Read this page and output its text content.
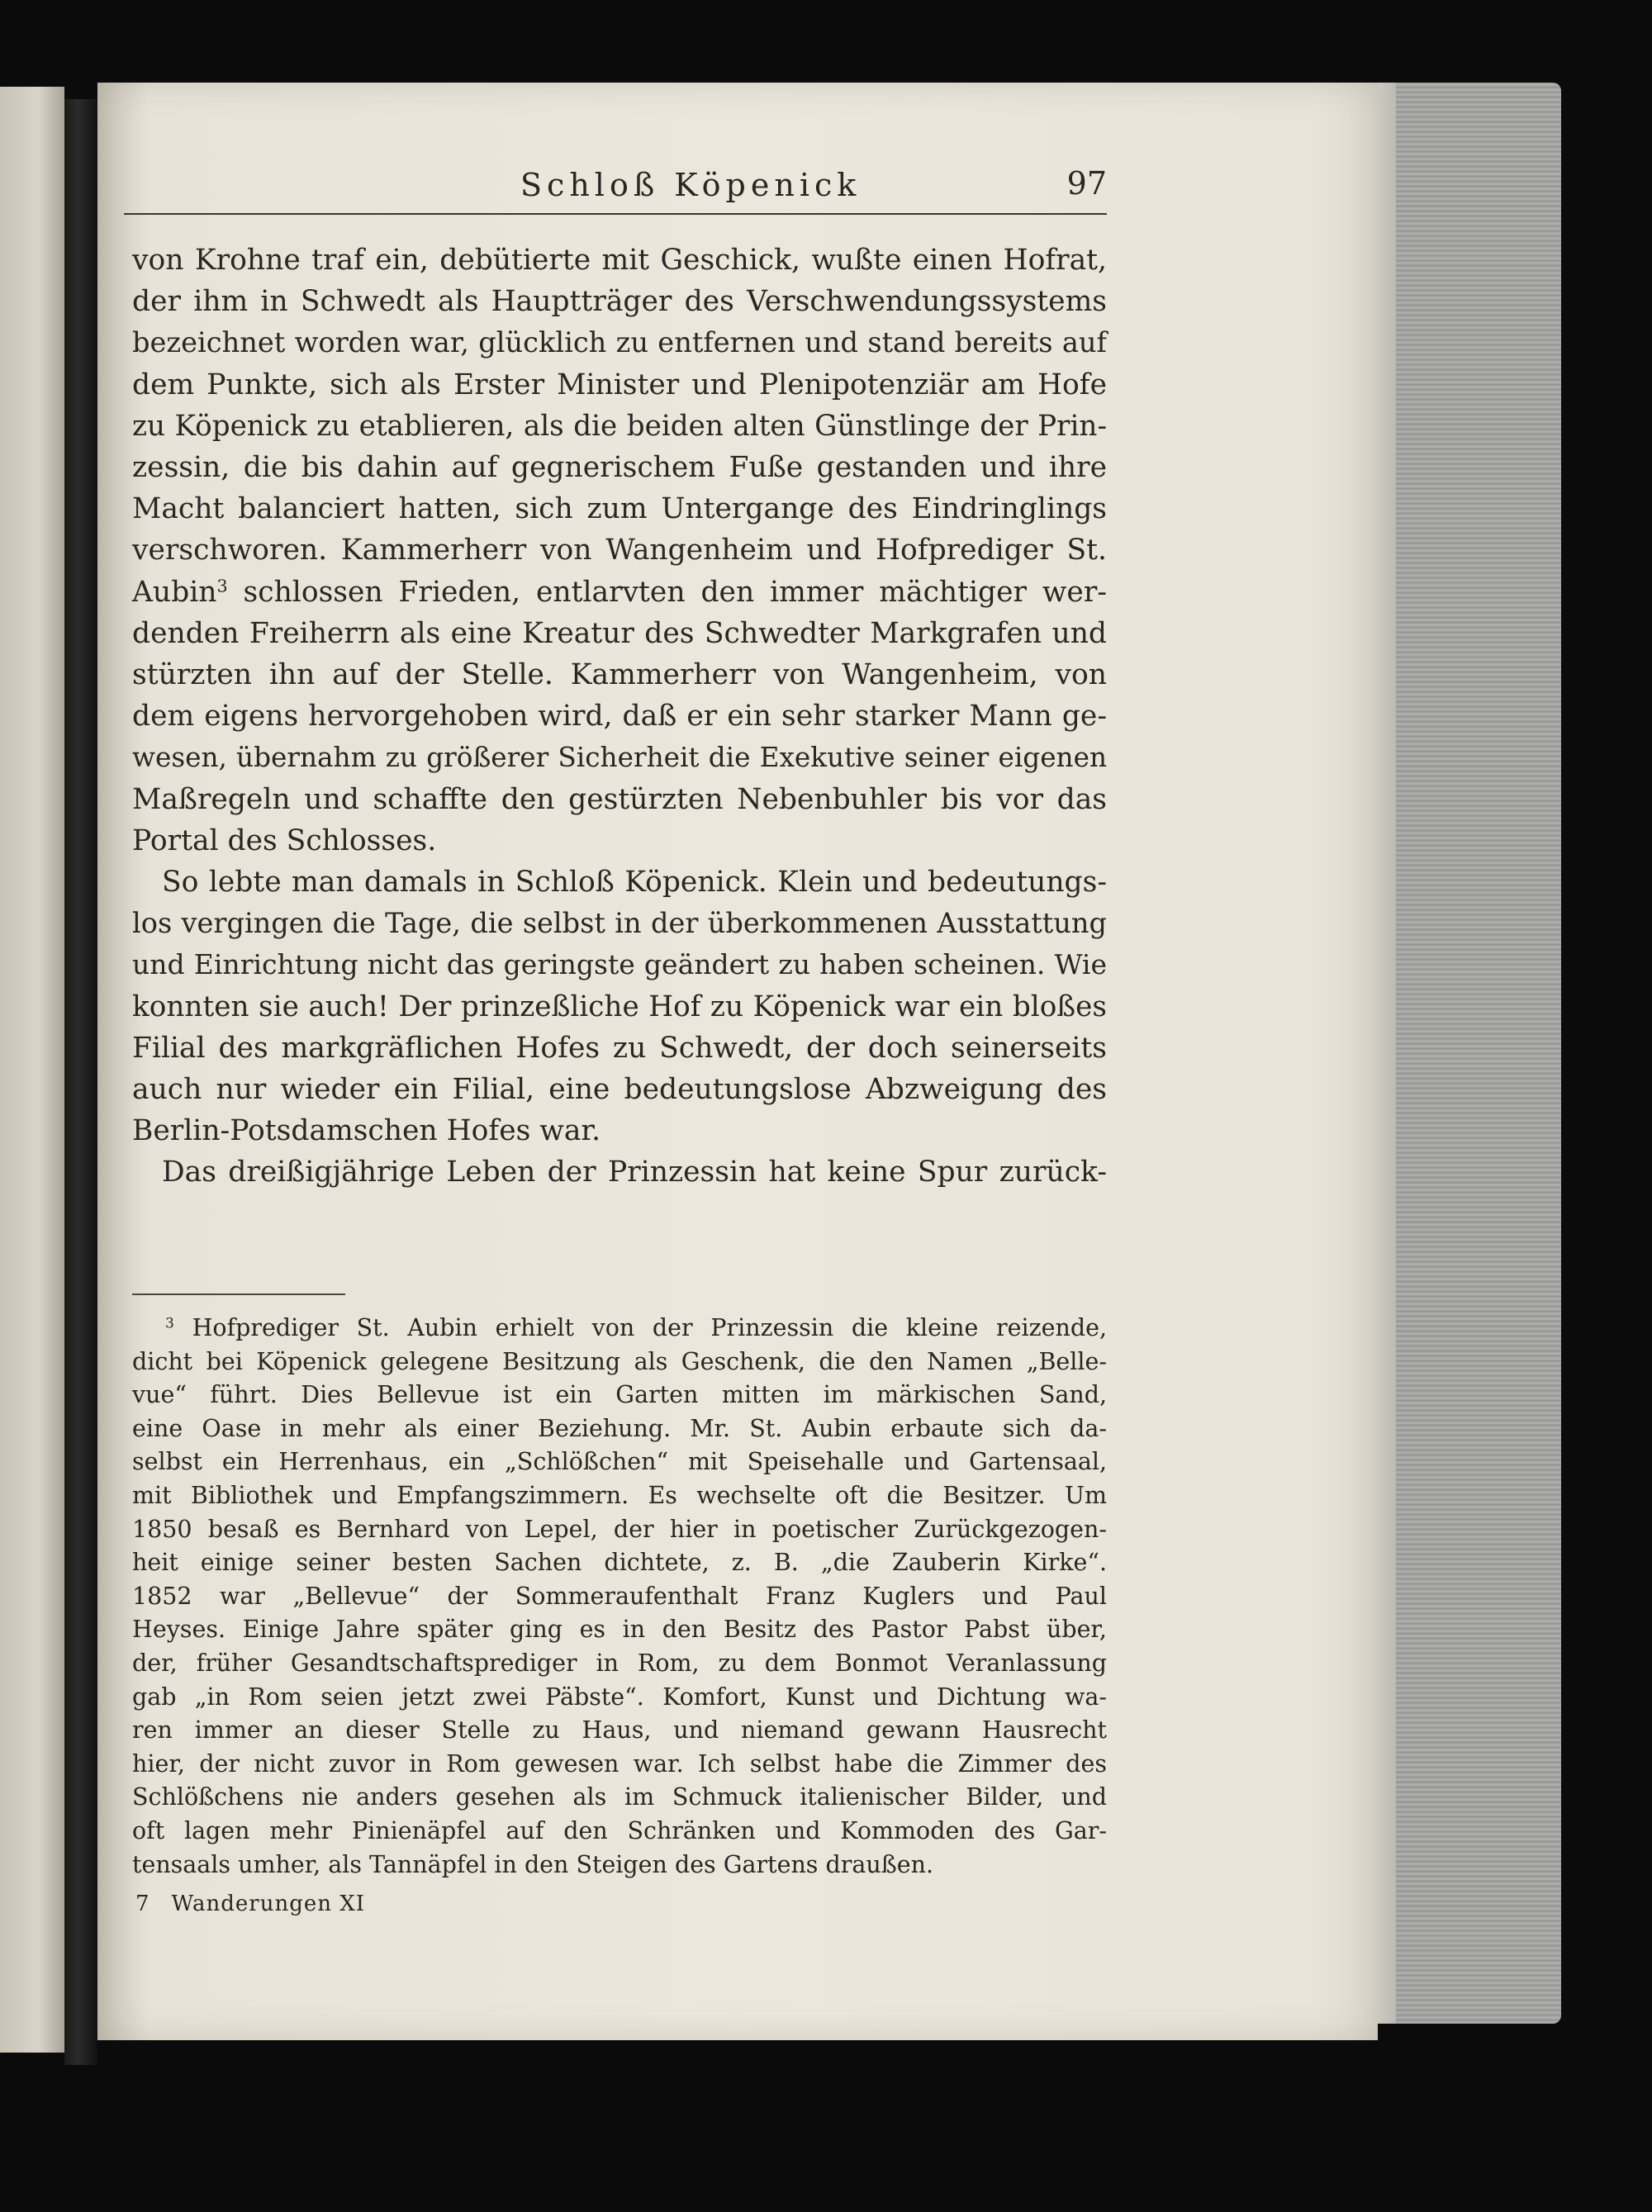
Schloß Köpenick	97
von Krohne traf ein, debütierte mit Geschick, wußte einen Hofrat,
der ihm in Schwedt als Hauptträger des Verschwendungssystems
bezeichnet worden war, glücklich zu entfernen und stand bereits auf
dem Punkte, sich als Erster Minister und Plenipotenziär am Hofe
zu Köpenick zu etablieren, als die beiden alten Günstlinge der Prin-
zessin, die bis dahin auf gegnerischem Fuße gestanden und ihre
Macht balanciert hatten, sich zum Untergange des Eindringlings
verschworen. Kammerherr von Wangenheim und Hofprediger St.
Aubin$^3$ schlossen Frieden, entlarvten den immer mächtiger wer-
denden Freiherrn als eine Kreatur des Schwedter Markgrafen und
stürzten ihn auf der Stelle. Kammerherr von Wangenheim, von
dem eigens hervorgehoben wird, daß er ein sehr starker Mann ge-
wesen, übernahm zu größerer Sicherheit die Exekutive seiner eigenen
Maßregeln und schaffte den gestürzten Nebenbuhler bis vor das
Portal des Schlosses.
So lebte man damals in Schloß Köpenick. Klein und bedeutungs-
los vergingen die Tage, die selbst in der überkommenen Ausstattung
und Einrichtung nicht das geringste geändert zu haben scheinen. Wie
konnten sie auch! Der prinzeßliche Hof zu Köpenick war ein bloßes
Filial des markgräflichen Hofes zu Schwedt, der doch seinerseits
auch nur wieder ein Filial, eine bedeutungslose Abzweigung des
Berlin-Potsdamschen Hofes war.
Das dreißigjährige Leben der Prinzessin hat keine Spur zurück-
$^3$ Hofprediger St. Aubin erhielt von der Prinzessin die kleine reizende,
dicht bei Köpenick gelegene Besitzung als Geschenk, die den Namen „Belle-
vue“ führt. Dies Bellevue ist ein Garten mitten im märkischen Sand,
eine Oase in mehr als einer Beziehung. Mr. St. Aubin erbaute sich da-
selbst ein Herrenhaus, ein „Schlößchen“ mit Speisehalle und Gartensaal,
mit Bibliothek und Empfangszimmern. Es wechselte oft die Besitzer. Um
1850 besaß es Bernhard von Lepel, der hier in poetischer Zurückgezogen-
heit einige seiner besten Sachen dichtete, z. B. „die Zauberin Kirke“.
1852 war „Bellevue“ der Sommeraufenthalt Franz Kuglers und Paul
Heyses. Einige Jahre später ging es in den Besitz des Pastor Pabst über,
der, früher Gesandtschaftsprediger in Rom, zu dem Bonmot Veranlassung
gab „in Rom seien jetzt zwei Päbste“. Komfort, Kunst und Dichtung wa-
ren immer an dieser Stelle zu Haus, und niemand gewann Hausrecht
hier, der nicht zuvor in Rom gewesen war. Ich selbst habe die Zimmer des
Schlößchens nie anders gesehen als im Schmuck italienischer Bilder, und
oft lagen mehr Pinienäpfel auf den Schränken und Kommoden des Gar-
tensaals umher, als Tannäpfel in den Steigen des Gartens draußen.
7 Wanderungen XI
